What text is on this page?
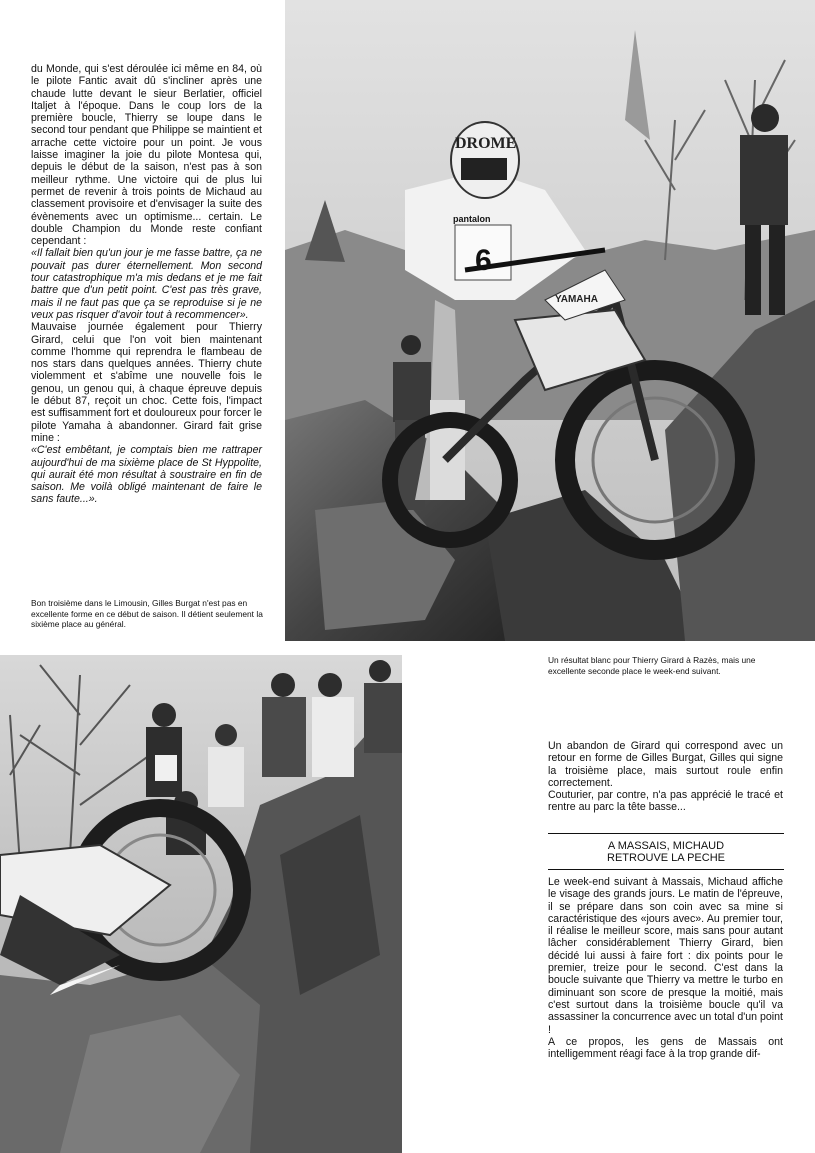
du Monde, qui s'est déroulée ici même en 84, où le pilote Fantic avait dû s'incliner après une chaude lutte devant le sieur Berlatier, officiel Italjet à l'époque. Dans le coup lors de la première boucle, Thierry se loupe dans le second tour pendant que Philippe se maintient et arrache cette victoire pour un point. Je vous laisse imaginer la joie du pilote Montesa qui, depuis le début de la saison, n'est pas à son meilleur rythme. Une victoire qui de plus lui permet de revenir à trois points de Michaud au classement provisoire et d'envisager la suite des évènements avec un optimisme... certain. Le double Champion du Monde reste confiant cependant :

«Il fallait bien qu'un jour je me fasse battre, ça ne pouvait pas durer éternellement. Mon second tour catastrophique m'a mis dedans et je me fait battre que d'un petit point. C'est pas très grave, mais il ne faut pas que ça se reproduise si je ne veux pas risquer d'avoir tout à recommencer».

Mauvaise journée également pour Thierry Girard, celui que l'on voit bien maintenant comme l'homme qui reprendra le flambeau de nos stars dans quelques années. Thierry chute violemment et s'abîme une nouvelle fois le genou, un genou qui, à chaque épreuve depuis le début 87, reçoit un choc. Cette fois, l'impact est suffisamment fort et douloureux pour forcer le pilote Yamaha à abandonner. Girard fait grise mine :

«C'est embêtant, je comptais bien me rattraper aujourd'hui de ma sixième place de St Hyppolite, qui aurait été mon résultat à soustraire en fin de saison. Me voilà obligé maintenant de faire le sans faute...».

Bon troisième dans le Limousin, Gilles Burgat n'est pas en excellente forme en ce début de saison. Il détient seulement la sixième place au général.
YAMAHA
DROME
6
pantalon
Un résultat blanc pour Thierry Girard à Razès, mais une excellente seconde place le week-end suivant.

Un abandon de Girard qui correspond avec un retour en forme de Gilles Burgat, Gilles qui signe la troisième place, mais surtout roule enfin correctement.

Couturier, par contre, n'a pas apprécié le tracé et rentre au parc la tête basse...

A MASSAIS, MICHAUD
RETROUVE LA PECHE

Le week-end suivant à Massais, Michaud affiche le visage des grands jours. Le matin de l'épreuve, il se prépare dans son coin avec sa mine si caractéristique des «jours avec». Au premier tour, il réalise le meilleur score, mais sans pour autant lâcher considérablement Thierry Girard, bien décidé lui aussi à faire fort : dix points pour le premier, treize pour le second. C'est dans la boucle suivante que Thierry va mettre le turbo en diminuant son score de presque la moitié, mais c'est surtout dans la troisième boucle qu'il va assassiner la concurrence avec un total d'un point !

A ce propos, les gens de Massais ont intelligemment réagi face à la trop grande dif-
